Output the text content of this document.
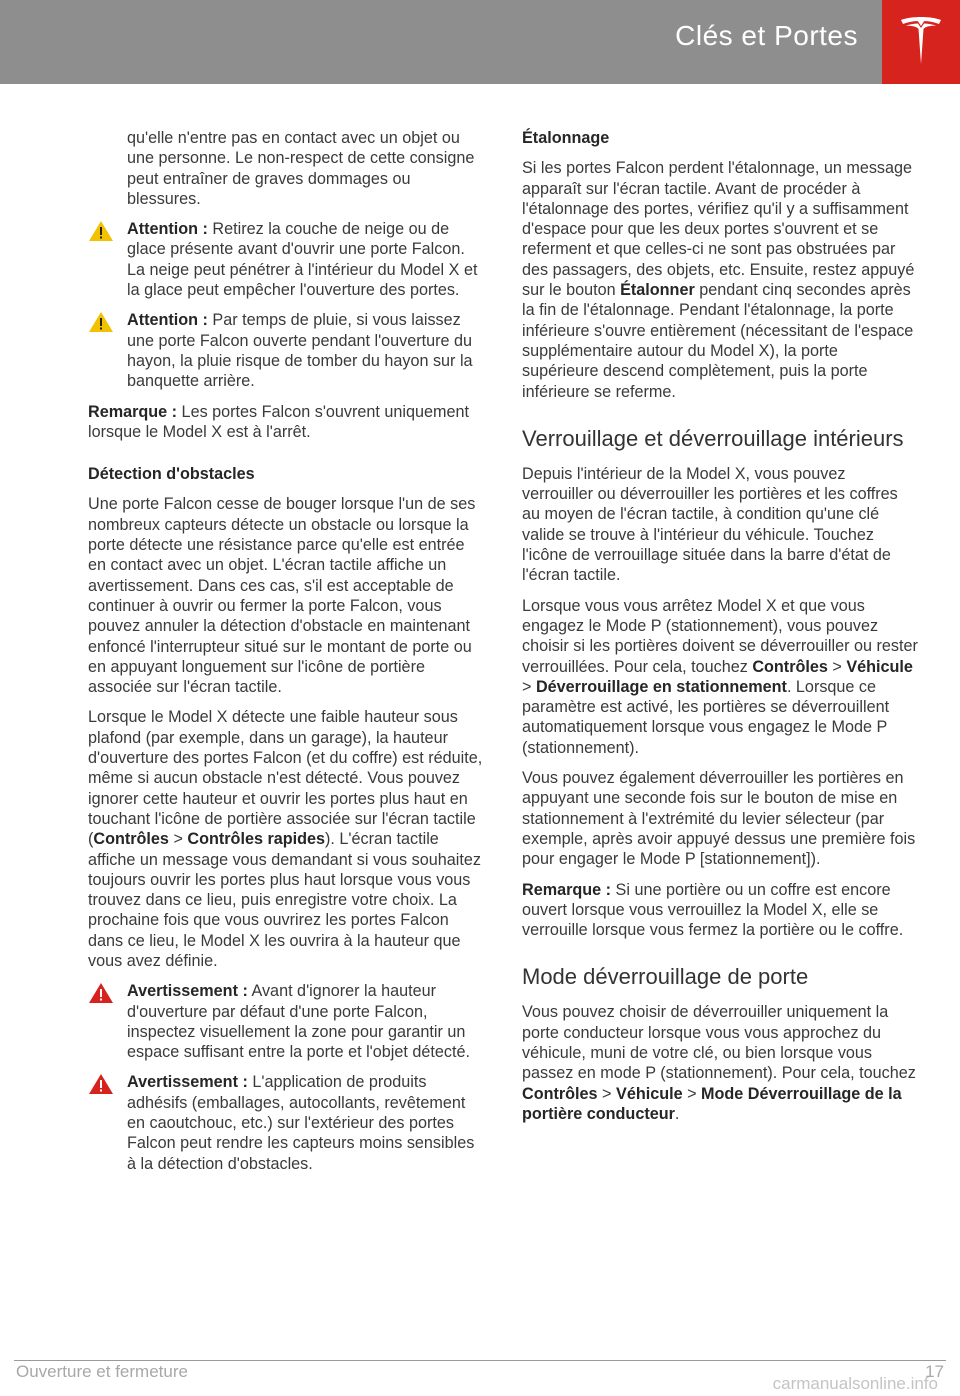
Clés et Portes

qu'elle n'entre pas en contact avec un objet ou une personne. Le non-respect de cette consigne peut entraîner de graves dommages ou blessures.

Attention : Retirez la couche de neige ou de glace présente avant d'ouvrir une porte Falcon. La neige peut pénétrer à l'intérieur du Model X et la glace peut empêcher l'ouverture des portes.
Attention : Par temps de pluie, si vous laissez une porte Falcon ouverte pendant l'ouverture du hayon, la pluie risque de tomber du hayon sur la banquette arrière.

Remarque : Les portes Falcon s'ouvrent uniquement lorsque le Model X est à l'arrêt.

Détection d'obstacles

Une porte Falcon cesse de bouger lorsque l'un de ses nombreux capteurs détecte un obstacle ou lorsque la porte détecte une résistance parce qu'elle est entrée en contact avec un objet. L'écran tactile affiche un avertissement. Dans ces cas, s'il est acceptable de continuer à ouvrir ou fermer la porte Falcon, vous pouvez annuler la détection d'obstacle en maintenant enfoncé l'interrupteur situé sur le montant de porte ou en appuyant longuement sur l'icône de portière associée sur l'écran tactile.

Lorsque le Model X détecte une faible hauteur sous plafond (par exemple, dans un garage), la hauteur d'ouverture des portes Falcon (et du coffre) est réduite, même si aucun obstacle n'est détecté. Vous pouvez ignorer cette hauteur et ouvrir les portes plus haut en touchant l'icône de portière associée sur l'écran tactile (Contrôles > Contrôles rapides). L'écran tactile affiche un message vous demandant si vous souhaitez toujours ouvrir les portes plus haut lorsque vous vous trouvez dans ce lieu, puis enregistre votre choix. La prochaine fois que vous ouvrirez les portes Falcon dans ce lieu, le Model X les ouvrira à la hauteur que vous avez définie.

Avertissement : Avant d'ignorer la hauteur d'ouverture par défaut d'une porte Falcon, inspectez visuellement la zone pour garantir un espace suffisant entre la porte et l'objet détecté.
Avertissement : L'application de produits adhésifs (emballages, autocollants, revêtement en caoutchouc, etc.) sur l'extérieur des portes Falcon peut rendre les capteurs moins sensibles à la détection d'obstacles.
Étalonnage

Si les portes Falcon perdent l'étalonnage, un message apparaît sur l'écran tactile. Avant de procéder à l'étalonnage des portes, vérifiez qu'il y a suffisamment d'espace pour que les deux portes s'ouvrent et se referment et que celles-ci ne sont pas obstruées par des passagers, des objets, etc. Ensuite, restez appuyé sur le bouton Étalonner pendant cinq secondes après la fin de l'étalonnage. Pendant l'étalonnage, la porte inférieure s'ouvre entièrement (nécessitant de l'espace supplémentaire autour du Model X), la porte supérieure descend complètement, puis la porte inférieure se referme.

Verrouillage et déverrouillage intérieurs

Depuis l'intérieur de la Model X, vous pouvez verrouiller ou déverrouiller les portières et les coffres au moyen de l'écran tactile, à condition qu'une clé valide se trouve à l'intérieur du véhicule. Touchez l'icône de verrouillage située dans la barre d'état de l'écran tactile.

Lorsque vous vous arrêtez Model X et que vous engagez le Mode P (stationnement), vous pouvez choisir si les portières doivent se déverrouiller ou rester verrouillées. Pour cela, touchez Contrôles > Véhicule > Déverrouillage en stationnement. Lorsque ce paramètre est activé, les portières se déverrouillent automatiquement lorsque vous engagez le Mode P (stationnement).

Vous pouvez également déverrouiller les portières en appuyant une seconde fois sur le bouton de mise en stationnement à l'extrémité du levier sélecteur (par exemple, après avoir appuyé dessus une première fois pour engager le Mode P [stationnement]).

Remarque : Si une portière ou un coffre est encore ouvert lorsque vous verrouillez la Model X, elle se verrouille lorsque vous fermez la portière ou le coffre.

Mode déverrouillage de porte

Vous pouvez choisir de déverrouiller uniquement la porte conducteur lorsque vous vous approchez du véhicule, muni de votre clé, ou bien lorsque vous passez en mode P (stationnement). Pour cela, touchez Contrôles > Véhicule > Mode Déverrouillage de la portière conducteur.

Ouverture et fermeture	17
carmanualsonline.info
